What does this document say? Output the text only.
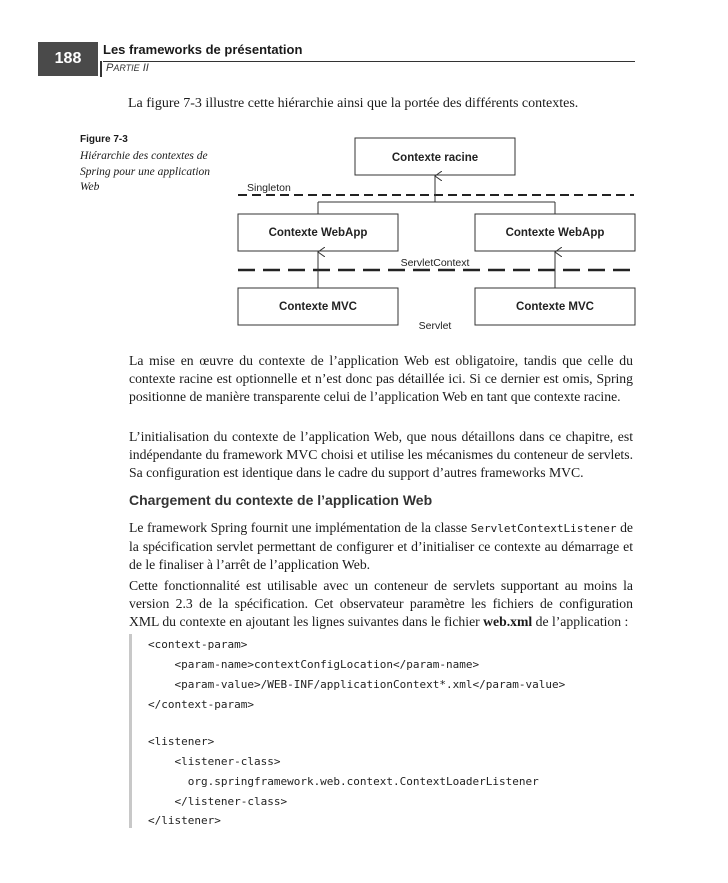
188
Les frameworks de présentation
PARTIE II
La figure 7-3 illustre cette hiérarchie ainsi que la portée des différents contextes.
Figure 7-3
Hiérarchie des contextes de Spring pour une application Web
Contexte racine
Singleton
Contexte WebApp	Contexte WebApp
ServletContext
Contexte MVC	Contexte MVC
Servlet
La mise en œuvre du contexte de l’application Web est obligatoire, tandis que celle du contexte racine est optionnelle et n’est donc pas détaillée ici. Si ce dernier est omis, Spring positionne de manière transparente celui de l’application Web en tant que contexte racine.
L’initialisation du contexte de l’application Web, que nous détaillons dans ce chapitre, est indépendante du framework MVC choisi et utilise les mécanismes du conteneur de servlets. Sa configuration est identique dans le cadre du support d’autres frameworks MVC.
Chargement du contexte de l’application Web
Le framework Spring fournit une implémentation de la classe ServletContextListener de la spécification servlet permettant de configurer et d’initialiser ce contexte au démarrage et de le finaliser à l’arrêt de l’application Web.
Cette fonctionnalité est utilisable avec un conteneur de servlets supportant au moins la version 2.3 de la spécification. Cet observateur paramètre les fichiers de configuration XML du contexte en ajoutant les lignes suivantes dans le fichier web.xml de l’application :
<context-param>
<param-name>contextConfigLocation</param-name>
<param-value>/WEB-INF/applicationContext*.xml</param-value>
</context-param>
<listener>
<listener-class>
org.springframework.web.context.ContextLoaderListener
</listener-class>
</listener>
